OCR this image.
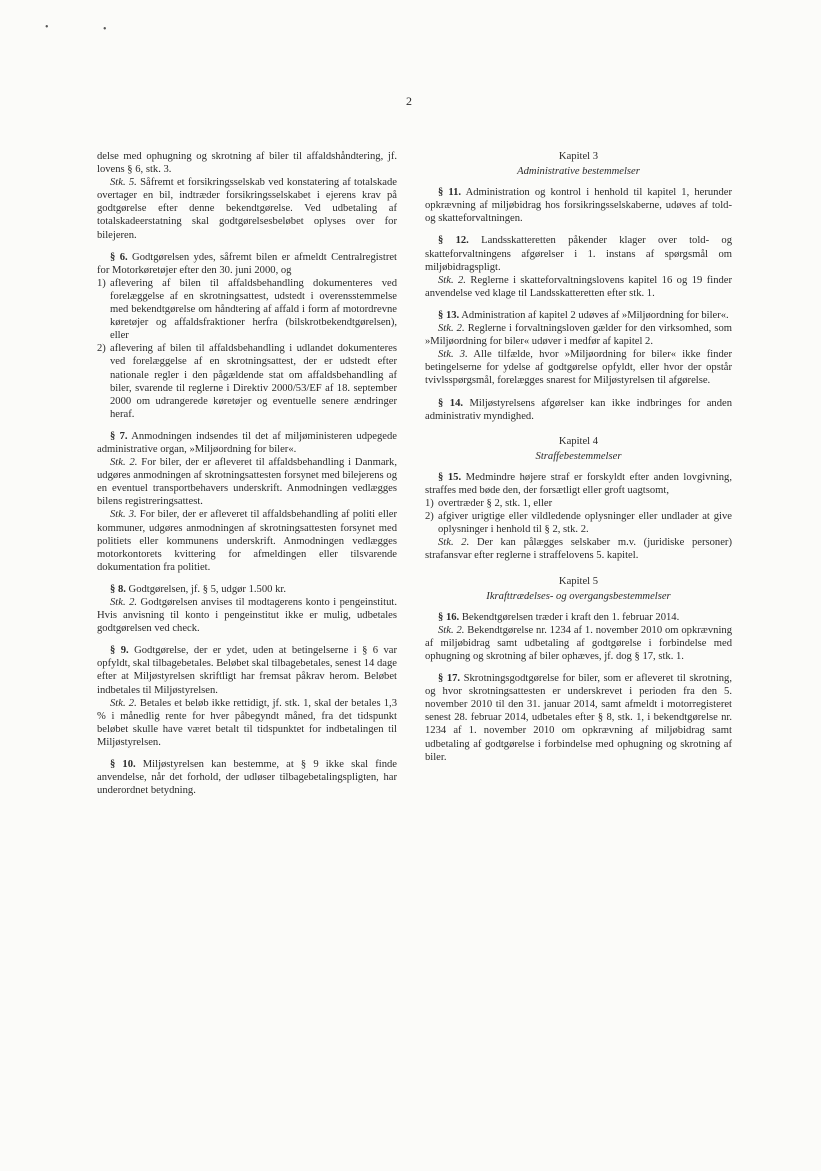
•	•
2

delse med ophugning og skrotning af biler til affaldshåndtering, jf. lovens § 6, stk. 3.

Stk. 5. Såfremt et forsikringsselskab ved konstatering af totalskade overtager en bil, indtræder forsikringsselskabet i ejerens krav på godtgørelse efter denne bekendtgørelse. Ved udbetaling af totalskadeerstatning skal godtgørelsesbeløbet oplyses over for bilejeren.

§ 6. Godtgørelsen ydes, såfremt bilen er afmeldt Centralregistret for Motorkøretøjer efter den 30. juni 2000, og

1) aflevering af bilen til affaldsbehandling dokumenteres ved forelæggelse af en skrotningsattest, udstedt i overensstemmelse med bekendtgørelse om håndtering af affald i form af motordrevne køretøjer og affaldsfraktioner herfra (bilskrotbekendtgørelsen), eller
2) aflevering af bilen til affaldsbehandling i udlandet dokumenteres ved forelæggelse af en skrotningsattest, der er udstedt efter nationale regler i den pågældende stat om affaldsbehandling af biler, svarende til reglerne i Direktiv 2000/53/EF af 18. september 2000 om udrangerede køretøjer og eventuelle senere ændringer heraf.

§ 7. Anmodningen indsendes til det af miljøministeren udpegede administrative organ, »Miljøordning for biler«.

Stk. 2. For biler, der er afleveret til affaldsbehandling i Danmark, udgøres anmodningen af skrotningsattesten forsynet med bilejerens og en eventuel transportbehavers underskrift. Anmodningen vedlægges bilens registreringsattest.

Stk. 3. For biler, der er afleveret til affaldsbehandling af politi eller kommuner, udgøres anmodningen af skrotningsattesten forsynet med politiets eller kommunens underskrift. Anmodningen vedlægges motorkontorets kvittering for afmeldingen eller tilsvarende dokumentation fra politiet.

§ 8. Godtgørelsen, jf. § 5, udgør 1.500 kr.

Stk. 2. Godtgørelsen anvises til modtagerens konto i pengeinstitut. Hvis anvisning til konto i pengeinstitut ikke er mulig, udbetales godtgørelsen ved check.

§ 9. Godtgørelse, der er ydet, uden at betingelserne i § 6 var opfyldt, skal tilbagebetales. Beløbet skal tilbagebetales, senest 14 dage efter at Miljøstyrelsen skriftligt har fremsat påkrav herom. Beløbet indbetales til Miljøstyrelsen.

Stk. 2. Betales et beløb ikke rettidigt, jf. stk. 1, skal der betales 1,3 % i månedlig rente for hver påbegyndt måned, fra det tidspunkt beløbet skulle have været betalt til tidspunktet for indbetalingen til Miljøstyrelsen.

§ 10. Miljøstyrelsen kan bestemme, at § 9 ikke skal finde anvendelse, når det forhold, der udløser tilbagebetalingspligten, har underordnet betydning.

Kapitel 3

Administrative bestemmelser

§ 11. Administration og kontrol i henhold til kapitel 1, herunder opkrævning af miljøbidrag hos forsikringsselskaberne, udøves af told- og skatteforvaltningen.

§ 12. Landsskatteretten påkender klager over told- og skatteforvaltningens afgørelser i 1. instans af spørgsmål om miljøbidragspligt.

Stk. 2. Reglerne i skatteforvaltningslovens kapitel 16 og 19 finder anvendelse ved klage til Landsskatteretten efter stk. 1.

§ 13. Administration af kapitel 2 udøves af »Miljøordning for biler«.

Stk. 2. Reglerne i forvaltningsloven gælder for den virksomhed, som »Miljøordning for biler« udøver i medfør af kapitel 2.

Stk. 3. Alle tilfælde, hvor »Miljøordning for biler« ikke finder betingelserne for ydelse af godtgørelse opfyldt, eller hvor der opstår tvivlsspørgsmål, forelægges snarest for Miljøstyrelsen til afgørelse.

§ 14. Miljøstyrelsens afgørelser kan ikke indbringes for anden administrativ myndighed.

Kapitel 4

Straffebestemmelser

§ 15. Medmindre højere straf er forskyldt efter anden lovgivning, straffes med bøde den, der forsætligt eller groft uagtsomt,

1) overtræder § 2, stk. 1, eller
2) afgiver urigtige eller vildledende oplysninger eller undlader at give oplysninger i henhold til § 2, stk. 2.

Stk. 2. Der kan pålægges selskaber m.v. (juridiske personer) strafansvar efter reglerne i straffelovens 5. kapitel.

Kapitel 5

Ikrafttrædelses- og overgangsbestemmelser

§ 16. Bekendtgørelsen træder i kraft den 1. februar 2014.

Stk. 2. Bekendtgørelse nr. 1234 af 1. november 2010 om opkrævning af miljøbidrag samt udbetaling af godtgørelse i forbindelse med ophugning og skrotning af biler ophæves, jf. dog § 17, stk. 1.

§ 17. Skrotningsgodtgørelse for biler, som er afleveret til skrotning, og hvor skrotningsattesten er underskrevet i perioden fra den 5. november 2010 til den 31. januar 2014, samt afmeldt i motorregisteret senest 28. februar 2014, udbetales efter § 8, stk. 1, i bekendtgørelse nr. 1234 af 1. november 2010 om opkrævning af miljøbidrag samt udbetaling af godtgørelse i forbindelse med ophugning og skrotning af biler.
